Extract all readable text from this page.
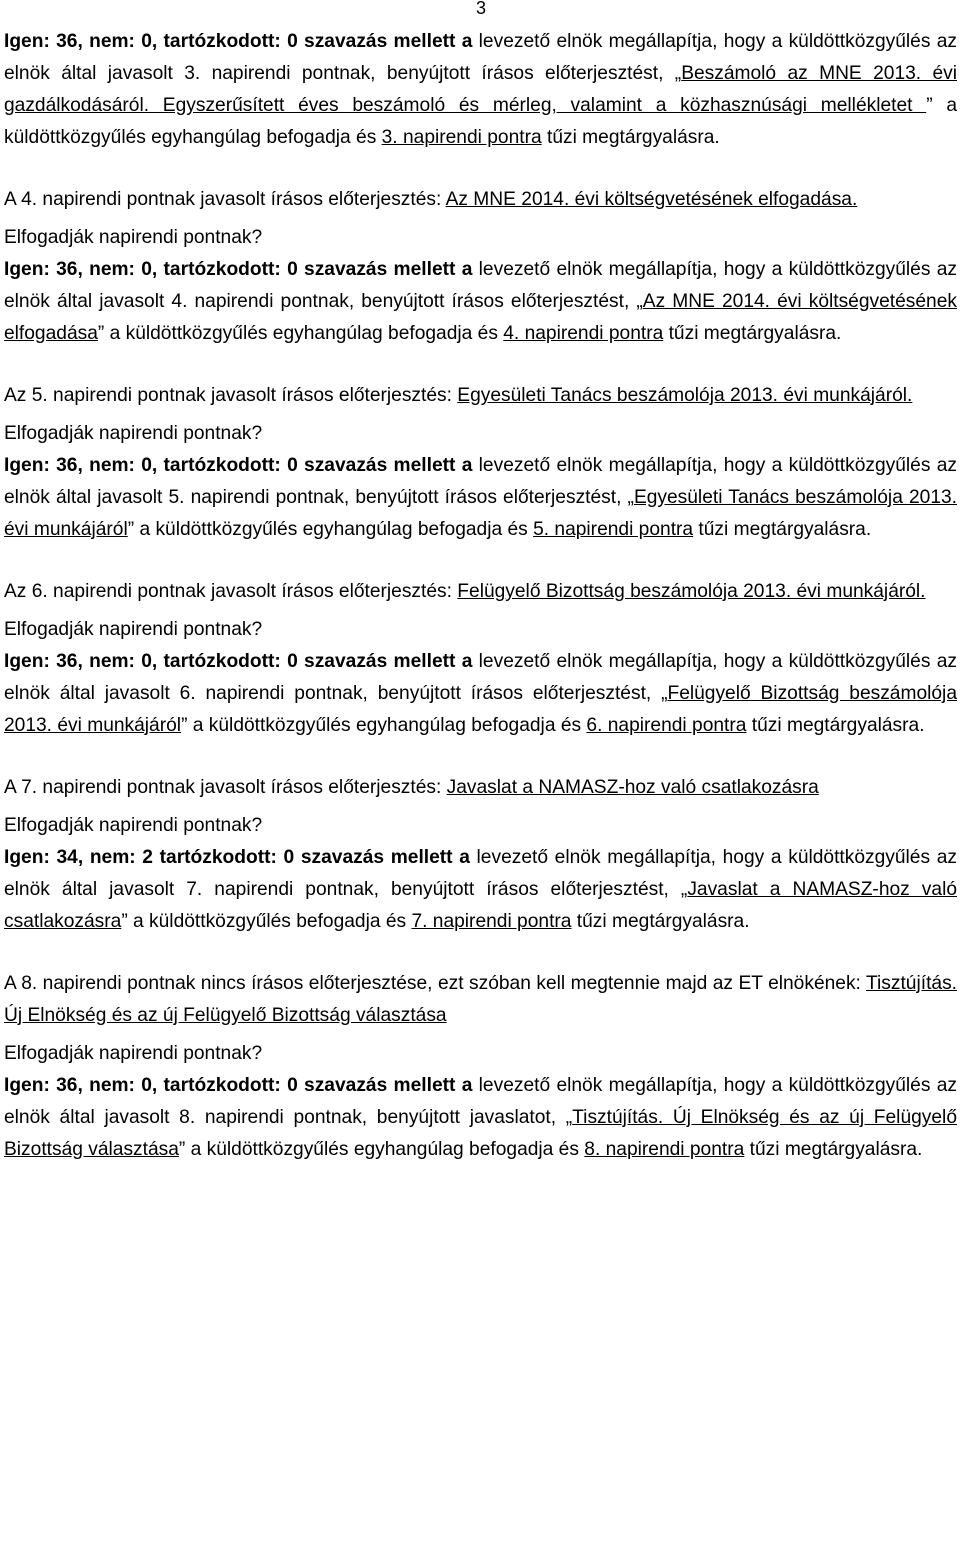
3

Igen: 36, nem: 0, tartózkodott: 0 szavazás mellett a levezető elnök megállapítja, hogy a küldöttközgyűlés az elnök által javasolt 3. napirendi pontnak, benyújtott írásos előterjesztést, „Beszámoló az MNE 2013. évi gazdálkodásáról. Egyszerűsített éves beszámoló és mérleg, valamint a közhasznúsági mellékletet ” a küldöttközgyűlés egyhangúlag befogadja és 3. napirendi pontra tűzi megtárgyalásra.

A 4. napirendi pontnak javasolt írásos előterjesztés: Az MNE 2014. évi költségvetésének elfogadása.

Elfogadják napirendi pontnak?

Igen: 36, nem: 0, tartózkodott: 0 szavazás mellett a levezető elnök megállapítja, hogy a küldöttközgyűlés az elnök által javasolt 4. napirendi pontnak, benyújtott írásos előterjesztést, „Az MNE 2014. évi költségvetésének elfogadása” a küldöttközgyűlés egyhangúlag befogadja és 4. napirendi pontra tűzi megtárgyalásra.

Az 5. napirendi pontnak javasolt írásos előterjesztés: Egyesületi Tanács beszámolója 2013. évi munkájáról.

Elfogadják napirendi pontnak?

Igen: 36, nem: 0, tartózkodott: 0 szavazás mellett a levezető elnök megállapítja, hogy a küldöttközgyűlés az elnök által javasolt 5. napirendi pontnak, benyújtott írásos előterjesztést, „Egyesületi Tanács beszámolója 2013. évi munkájáról” a küldöttközgyűlés egyhangúlag befogadja és 5. napirendi pontra tűzi megtárgyalásra.

Az 6. napirendi pontnak javasolt írásos előterjesztés: Felügyelő Bizottság beszámolója 2013. évi munkájáról.

Elfogadják napirendi pontnak?

Igen: 36, nem: 0, tartózkodott: 0 szavazás mellett a levezető elnök megállapítja, hogy a küldöttközgyűlés az elnök által javasolt 6. napirendi pontnak, benyújtott írásos előterjesztést, „Felügyelő Bizottság beszámolója 2013. évi munkájáról” a küldöttközgyűlés egyhangúlag befogadja és 6. napirendi pontra tűzi megtárgyalásra.

A 7. napirendi pontnak javasolt írásos előterjesztés: Javaslat a NAMASZ-hoz való csatlakozásra

Elfogadják napirendi pontnak?

Igen: 34, nem: 2 tartózkodott: 0 szavazás mellett a levezető elnök megállapítja, hogy a küldöttközgyűlés az elnök által javasolt 7. napirendi pontnak, benyújtott írásos előterjesztést, „Javaslat a NAMASZ-hoz való csatlakozásra” a küldöttközgyűlés befogadja és 7. napirendi pontra tűzi megtárgyalásra.

A 8. napirendi pontnak nincs írásos előterjesztése, ezt szóban kell megtennie majd az ET elnökének: Tisztújítás. Új Elnökség és az új Felügyelő Bizottság választása

Elfogadják napirendi pontnak?

Igen: 36, nem: 0, tartózkodott: 0 szavazás mellett a levezető elnök megállapítja, hogy a küldöttközgyűlés az elnök által javasolt 8. napirendi pontnak, benyújtott javaslatot, „Tisztújítás. Új Elnökség és az új Felügyelő Bizottság választása” a küldöttközgyűlés egyhangúlag befogadja és 8. napirendi pontra tűzi megtárgyalásra.
